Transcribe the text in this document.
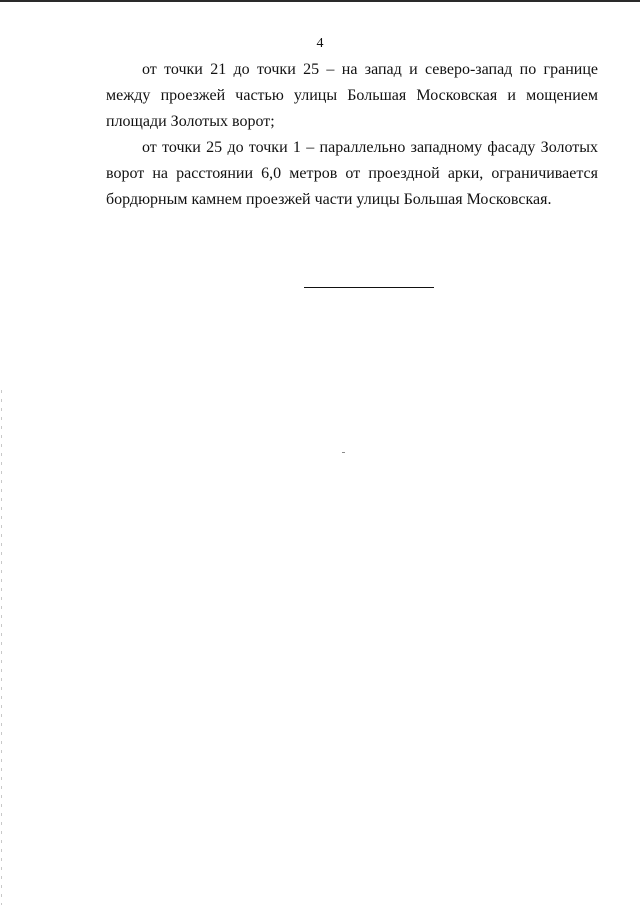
4

от точки 21 до точки 25 – на запад и северо-запад по границе между проезжей частью улицы Большая Московская и мощением площади Золотых ворот;

от точки 25 до точки 1 – параллельно западному фасаду Золотых ворот на расстоянии 6,0 метров от проездной арки, ограничивается бордюрным камнем проезжей части улицы Большая Московская.
